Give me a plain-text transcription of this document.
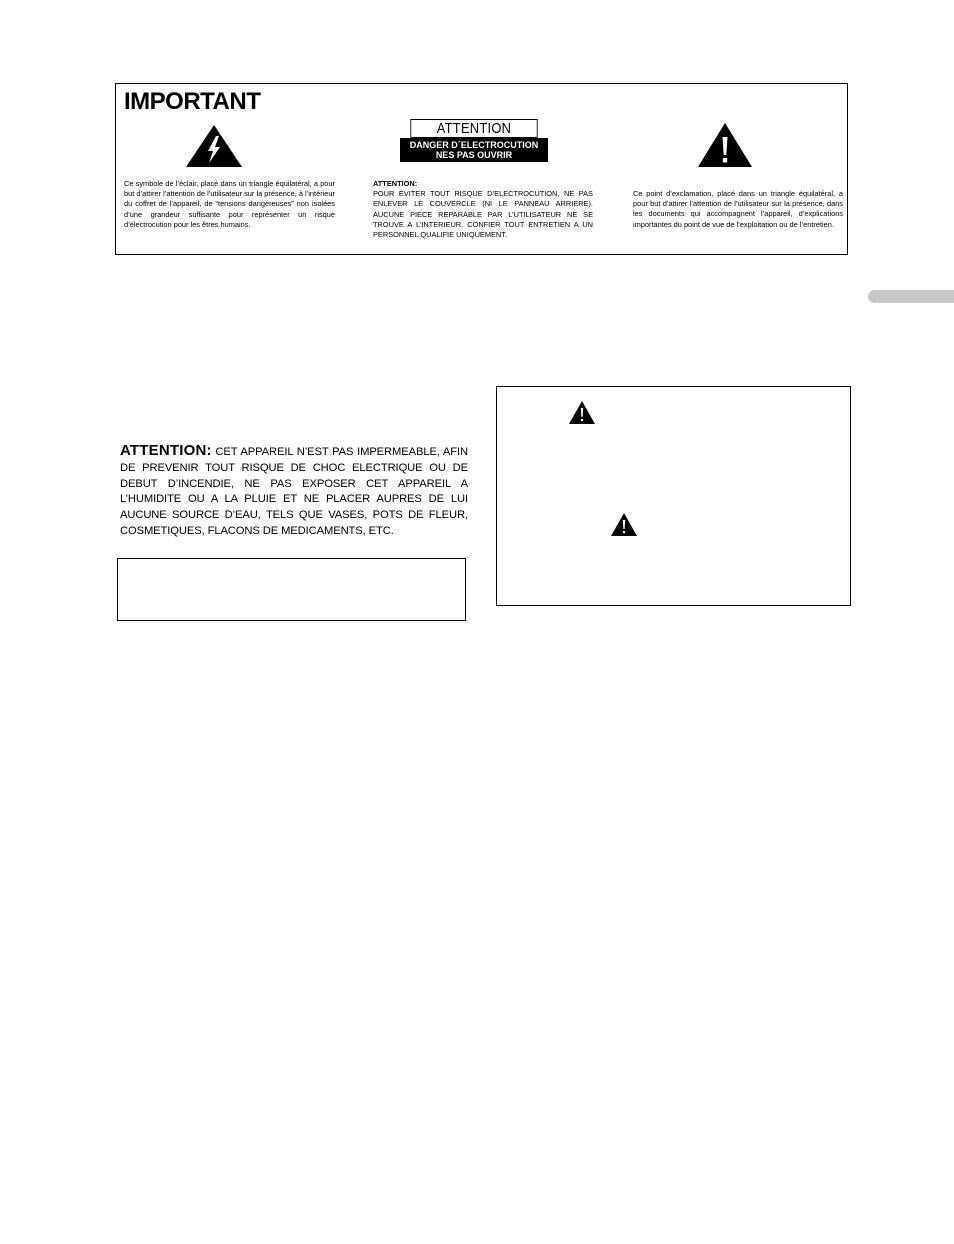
IMPORTANT
Ce symbole de l’éclair, placé dans un triangle équilatéral, a pour but d’attirer l’attention de l’utilisateur sur la présence, à l’intérieur du coffret de l’appareil, de “tensions dangereuses” non isolées d’une grandeur suffisante pour représenter un risque d’électrocution pour les êtres humains.
ATTENTION
DANGER D´ELECTROCUTION
NES PAS OUVRIR
ATTENTION:
POUR EVITER TOUT RISQUE D’ELECTROCUTION, NE PAS ENLEVER LE COUVERCLE (NI LE PANNEAU ARRIERE). AUCUNE PIECE REPARABLE PAR L’UTILISATEUR NE SE TROUVE A L’INTERIEUR. CONFIER TOUT ENTRETIEN A UN PERSONNEL QUALIFIE UNIQUEMENT.
Ce point d’exclamation, placé dans un triangle équilatéral, a pour but d’attirer l’attention de l’utilisateur sur la présence, dans les documents qui accompagnent l’appareil, d’explications importantes du point de vue de l’exploitation ou de l’entretien.
ATTENTION: CET APPAREIL N’EST PAS IMPERMEABLE, AFIN DE PREVENIR TOUT RISQUE DE CHOC ELECTRIQUE OU DE DEBUT D’INCENDIE, NE PAS EXPOSER CET APPAREIL A L’HUMIDITE OU A LA PLUIE ET NE PLACER AUPRES DE LUI AUCUNE SOURCE D’EAU, TELS QUE VASES, POTS DE FLEUR, COSMETIQUES, FLACONS DE MEDICAMENTS, ETC.
